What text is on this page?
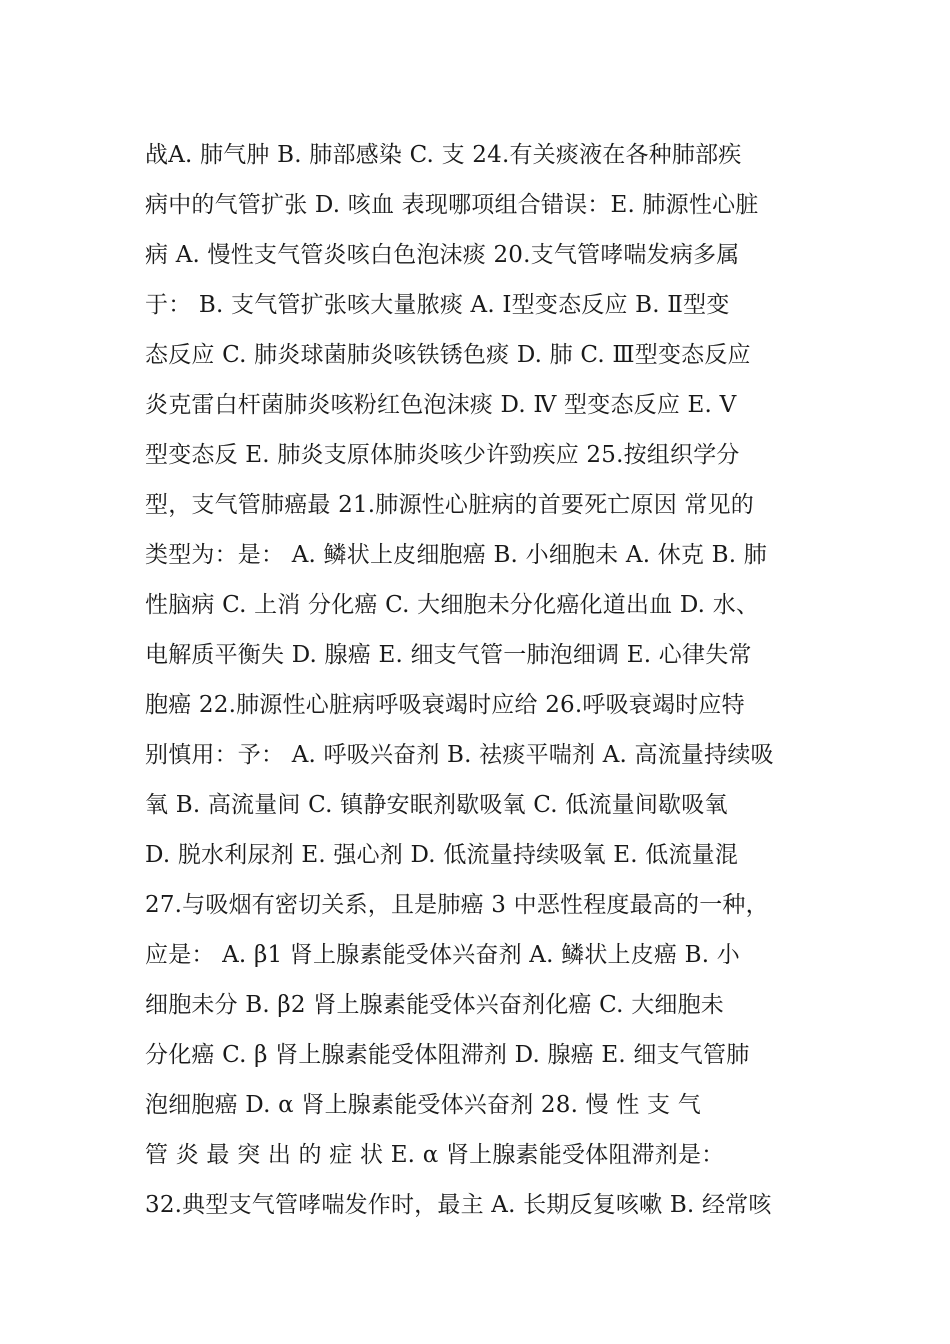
战A. 肺气肿 B. 肺部感染 C. 支 24.有关痰液在各种肺部疾
病中的气管扩张 D. 咳血 表现哪项组合错误：E. 肺源性心脏
病 A. 慢性支气管炎咳白色泡沫痰 20.支气管哮喘发病多属
于： B. 支气管扩张咳大量脓痰 A. Ⅰ型变态反应 B. Ⅱ型变
态反应 C. 肺炎球菌肺炎咳铁锈色痰 D. 肺 C. Ⅲ型变态反应
炎克雷白杆菌肺炎咳粉红色泡沫痰 D. Ⅳ 型变态反应 E. Ⅴ
型变态反 E. 肺炎支原体肺炎咳少许勁疾应 25.按组织学分
型，支气管肺癌最 21.肺源性心脏病的首要死亡原因 常见的
类型为：是： A. 鳞状上皮细胞癌 B. 小细胞未 A. 休克 B. 肺
性脑病 C. 上消 分化癌 C. 大细胞未分化癌化道出血 D. 水、
电解质平衡失 D. 腺癌 E. 细支气管一肺泡细调 E. 心律失常
胞癌 22.肺源性心脏病呼吸衰竭时应给 26.呼吸衰竭时应特
别慎用：予： A. 呼吸兴奋剂 B. 祛痰平喘剂 A. 高流量持续吸
氧 B. 高流量间 C. 镇静安眠剂歇吸氧 C. 低流量间歇吸氧
D. 脱水利尿剂 E. 强心剂 D. 低流量持续吸氧 E. 低流量混
27.与吸烟有密切关系，且是肺癌 3 中恶性程度最高的一种，
应是： A. β1 肾上腺素能受体兴奋剂 A. 鳞状上皮癌 B. 小
细胞未分 B. β2 肾上腺素能受体兴奋剂化癌 C. 大细胞未
分化癌 C. β 肾上腺素能受体阻滞剂 D. 腺癌 E. 细支气管肺
泡细胞癌 D. α 肾上腺素能受体兴奋剂 28. 慢 性 支 气
管 炎 最 突 出 的 症 状 E. α 肾上腺素能受体阻滞剂是：
32.典型支气管哮喘发作时，最主 A. 长期反复咳嗽 B. 经常咳
